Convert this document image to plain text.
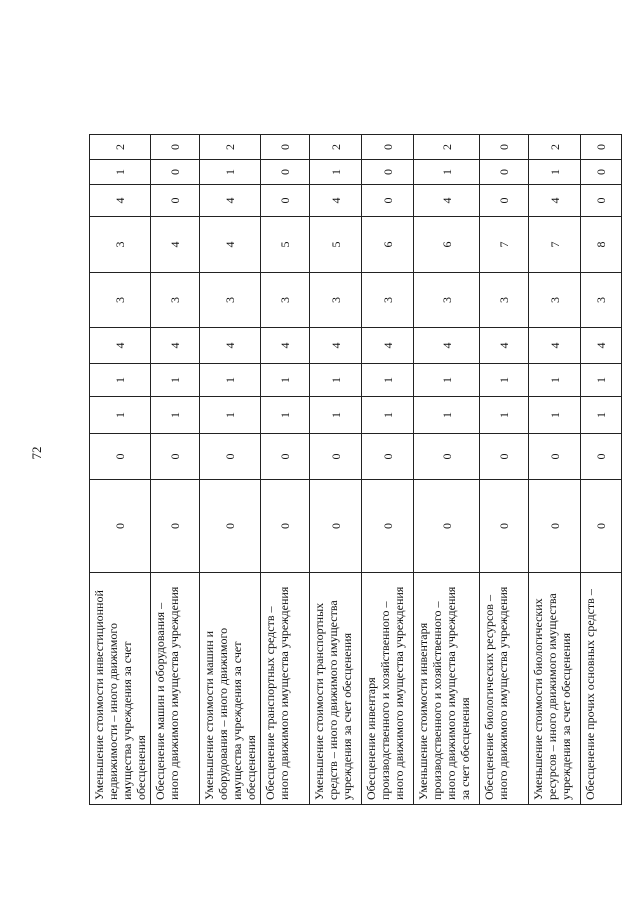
72
Уменьшение стоимости инвестиционной недвижимости – иного движимого имущества учреждения за счет обесценения	0	0	1	1	4	3	3	4	1	2
Обесценение машин и оборудования – иного движимого имущества учреждения	0	0	1	1	4	3	4	0	0	0
Уменьшение стоимости машин и оборудования – иного движимого имущества учреждения за счет обесценения	0	0	1	1	4	3	4	4	1	2
Обесценение транспортных средств – иного движимого имущества учреждения	0	0	1	1	4	3	5	0	0	0
Уменьшение стоимости транспортных средств – иного движимого имущества учреждения за счет обесценения	0	0	1	1	4	3	5	4	1	2
Обесценение инвентаря производственного и хозяйственного – иного движимого имущества учреждения	0	0	1	1	4	3	6	0	0	0
Уменьшение стоимости инвентаря производственного и хозяйственного – иного движимого имущества учреждения за счет обесценения	0	0	1	1	4	3	6	4	1	2
Обесценение биологических ресурсов – иного движимого имущества учреждения	0	0	1	1	4	3	7	0	0	0
Уменьшение стоимости биологических ресурсов – иного движимого имущества учреждения за счет обесценения	0	0	1	1	4	3	7	4	1	2
Обесценение прочих основных средств –	0	0	1	1	4	3	8	0	0	0
